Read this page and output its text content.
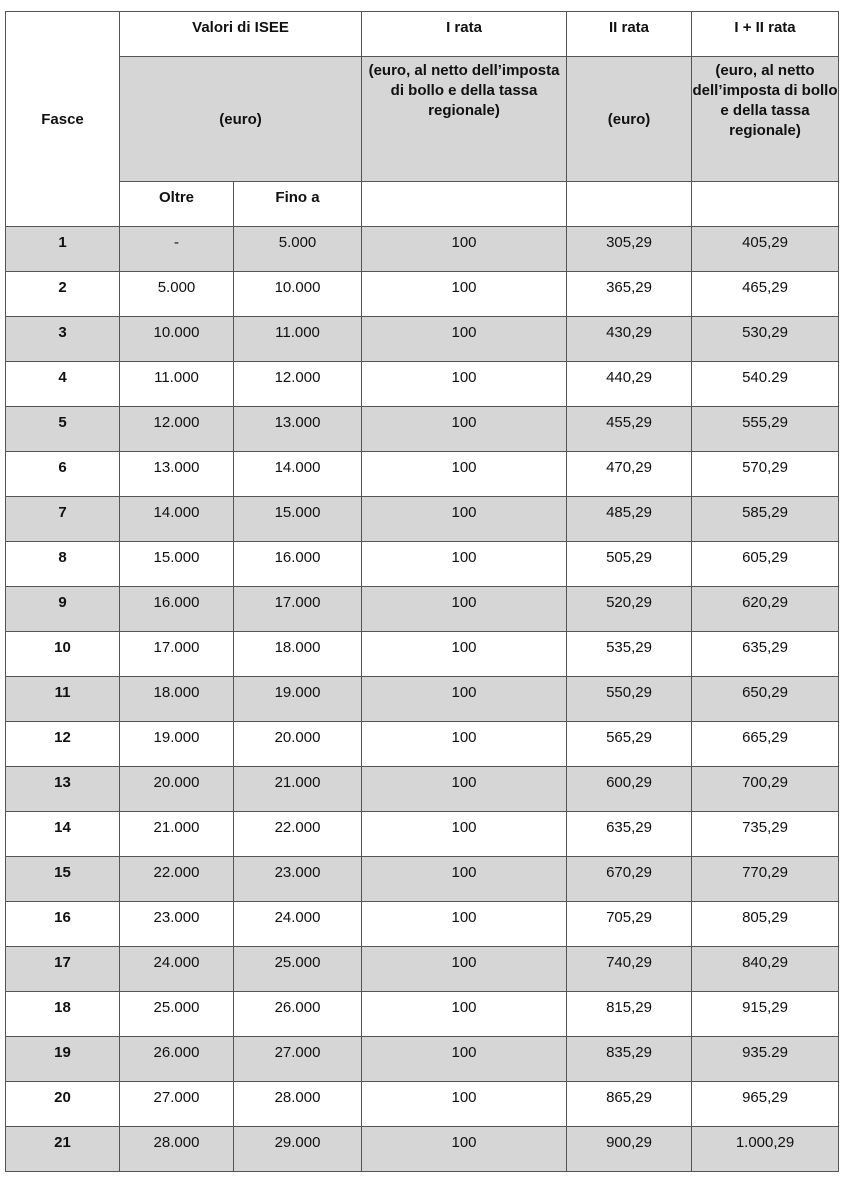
Fasce	Valori di ISEE		I rata	II rata	I + II rata

	(euro)		(euro, al netto dell’imposta di bollo e della tassa regionale)	(euro)	(euro, al netto dell’imposta di bollo e della tassa regionale)

	Oltre	Fino a			

1	-	5.000	100	305,29	405,29

2	5.000	10.000	100	365,29	465,29

3	10.000	11.000	100	430,29	530,29

4	11.000	12.000	100	440,29	540.29

5	12.000	13.000	100	455,29	555,29

6	13.000	14.000	100	470,29	570,29

7	14.000	15.000	100	485,29	585,29

8	15.000	16.000	100	505,29	605,29

9	16.000	17.000	100	520,29	620,29

10	17.000	18.000	100	535,29	635,29

11	18.000	19.000	100	550,29	650,29

12	19.000	20.000	100	565,29	665,29

13	20.000	21.000	100	600,29	700,29

14	21.000	22.000	100	635,29	735,29

15	22.000	23.000	100	670,29	770,29

16	23.000	24.000	100	705,29	805,29

17	24.000	25.000	100	740,29	840,29

18	25.000	26.000	100	815,29	915,29

19	26.000	27.000	100	835,29	935.29

20	27.000	28.000	100	865,29	965,29

21	28.000	29.000	100	900,29	1.000,29
